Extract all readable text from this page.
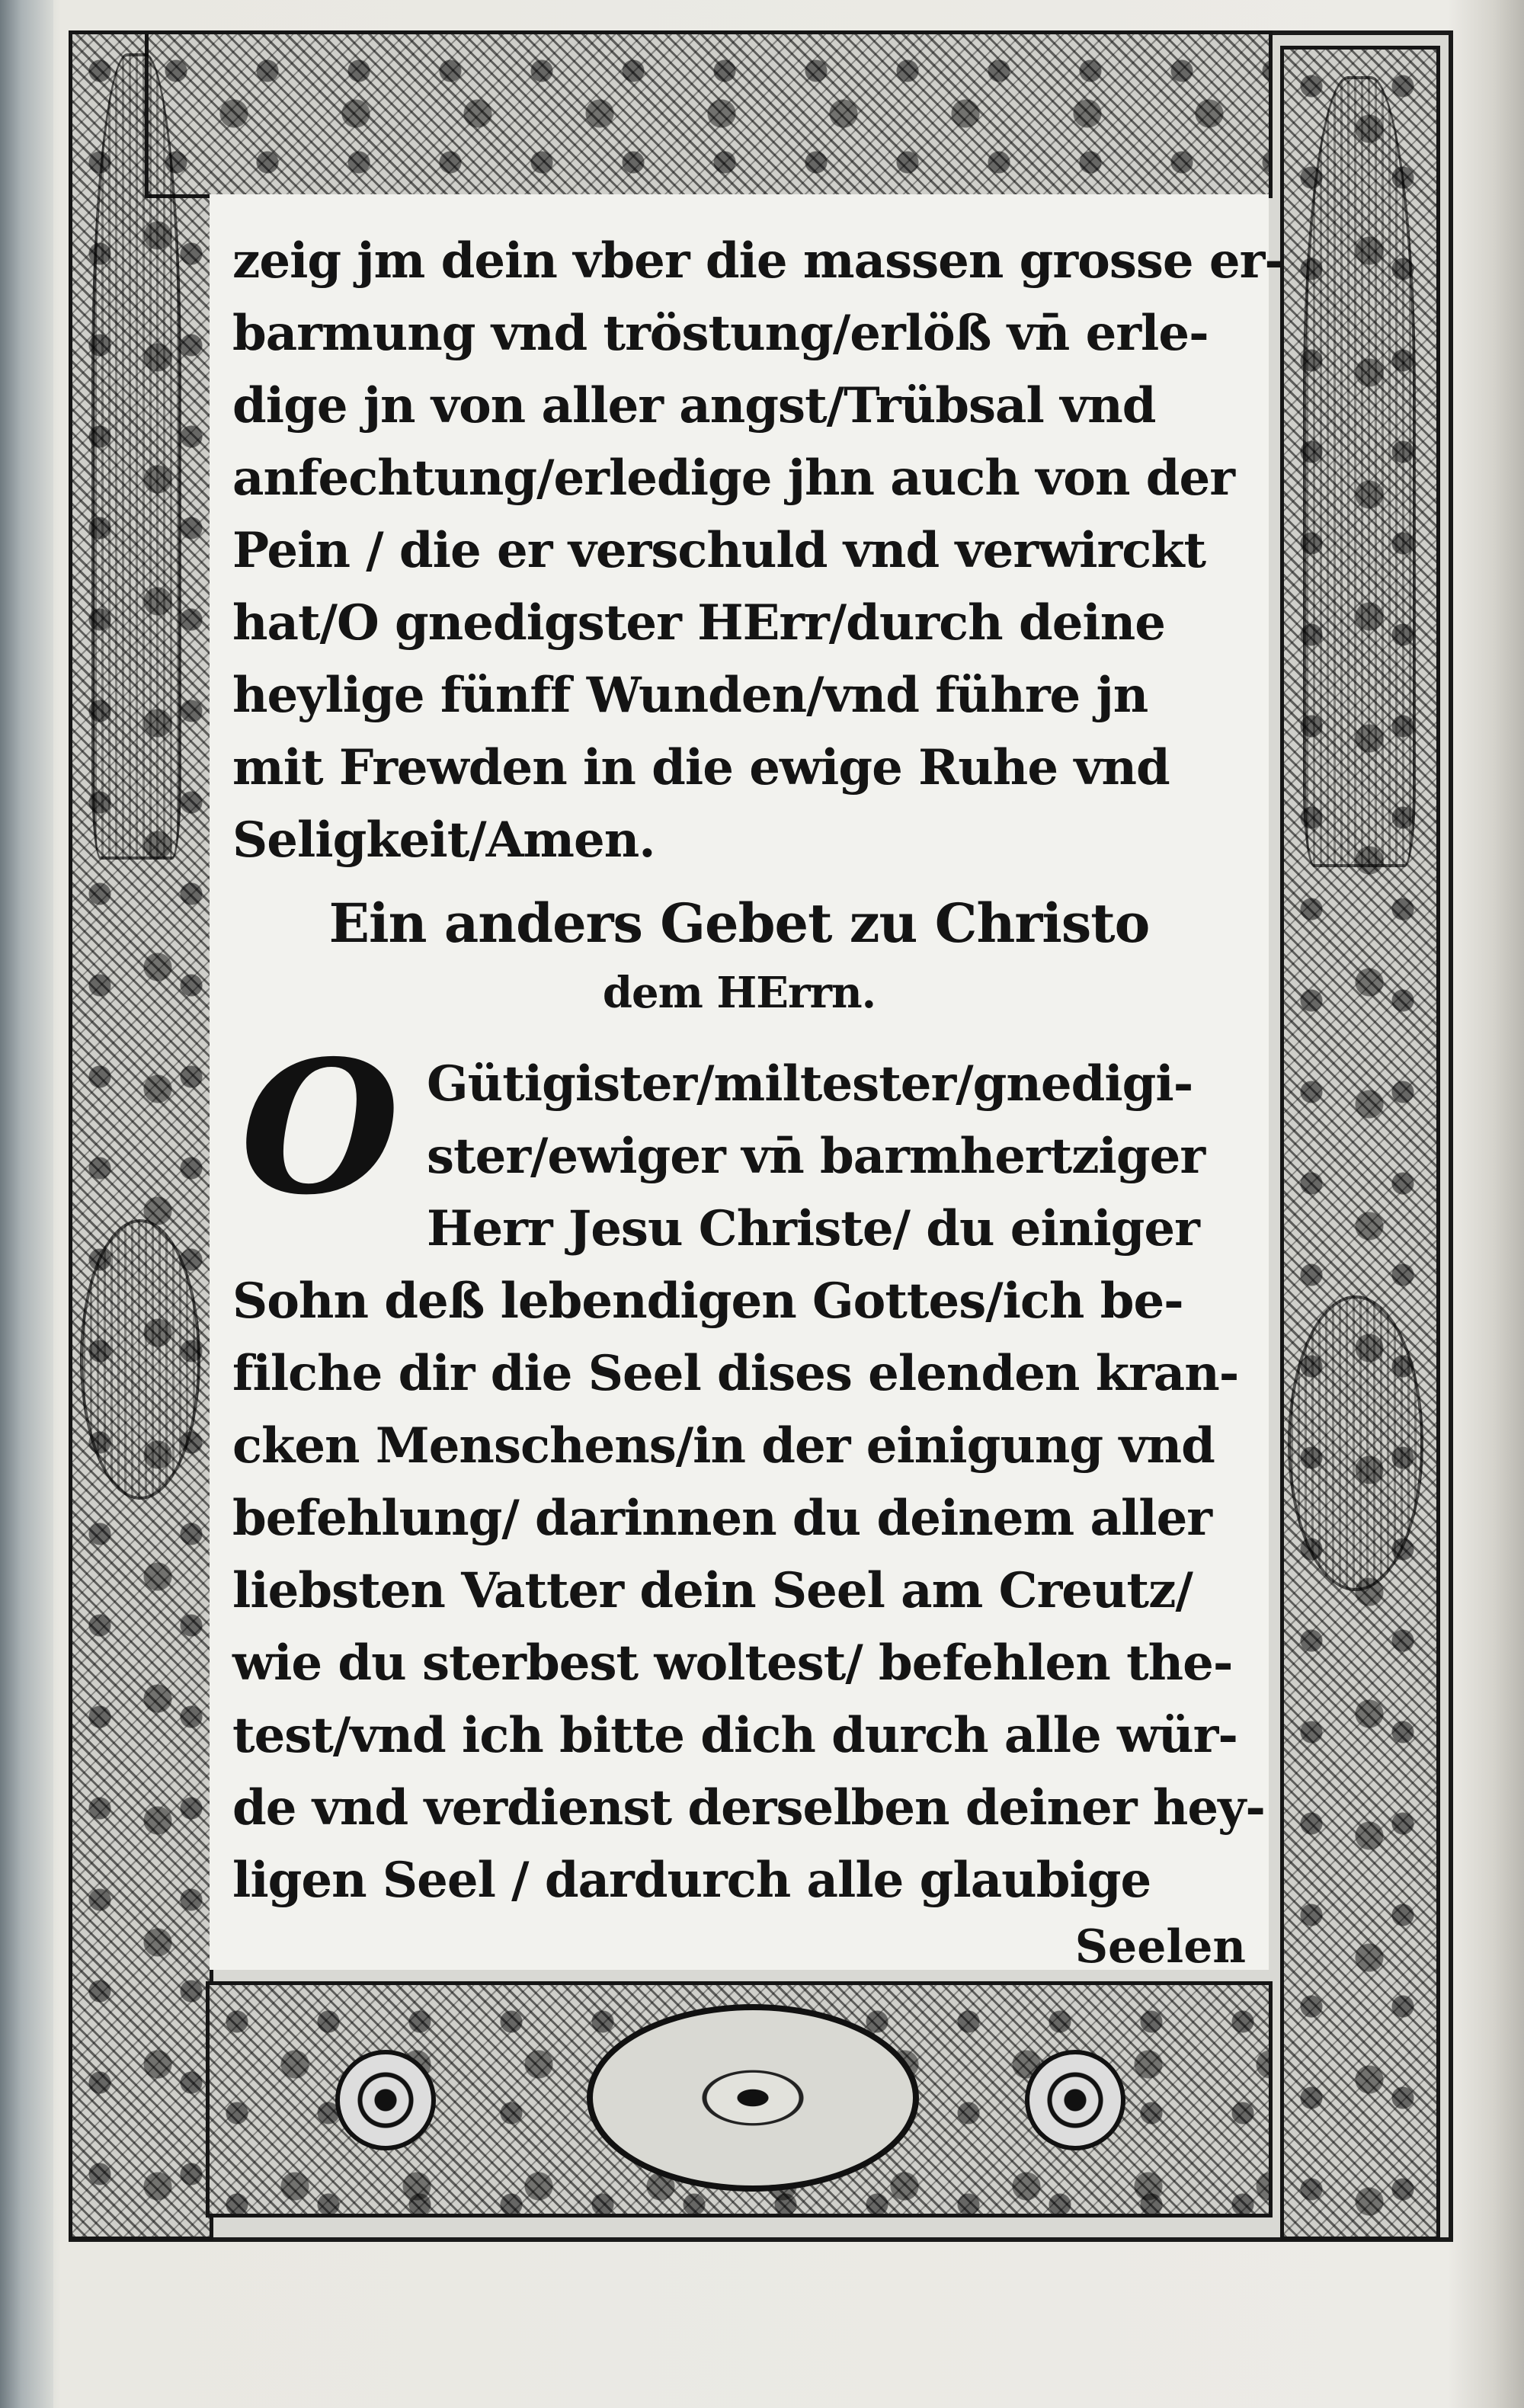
zeig jm dein vber die massen grosse er-
barmung vnd tröstung/erlöß vn̄ erle-
dige jn von aller angst/Trübsal vnd
anfechtung/erledige jhn auch von der
Pein / die er verschuld vnd verwirckt
hat/O gnedigster HErr/durch deine
heylige fünff Wunden/vnd führe jn
mit Frewden in die ewige Ruhe vnd
Seligkeit/Amen.
Ein anders Gebet zu Christo
dem HErrn.
O Gütigister/miltester/gnedigi-
ster/ewiger vn̄ barmhertziger
Herr Jesu Christe/ du einiger
Sohn deß lebendigen Gottes/ich be-
filche dir die Seel dises elenden kran-
cken Menschens/in der einigung vnd
befehlung/ darinnen du deinem aller
liebsten Vatter dein Seel am Creutz/
wie du sterbest woltest/ befehlen the-
test/vnd ich bitte dich durch alle wür-
de vnd verdienst derselben deiner hey-
ligen Seel / dardurch alle glaubige
Seelen
